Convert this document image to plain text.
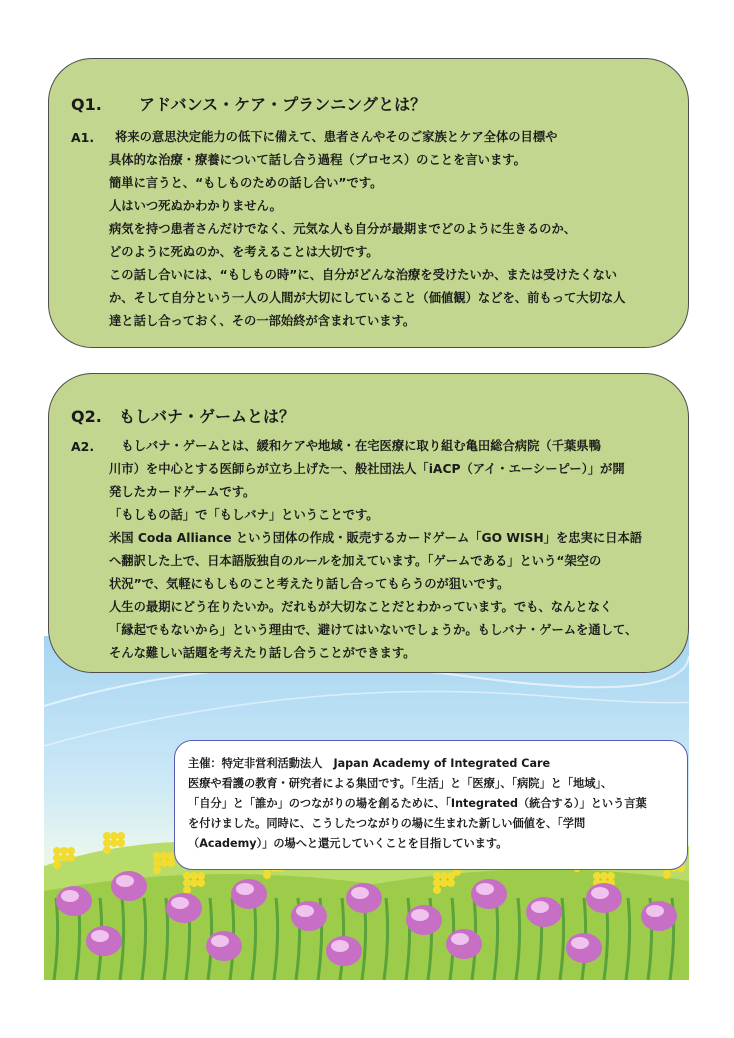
Q1. アドバンス・ケア・プランニングとは？
A1. 将来の意思決定能力の低下に備えて、患者さんやそのご家族とケア全体の目標や
具体的な治療・療養について話し合う過程（プロセス）のことを言います。
簡単に言うと、“もしものための話し合い”です。
人はいつ死ぬかわかりません。
病気を持つ患者さんだけでなく、元気な人も自分が最期までどのように生きるのか、
どのように死ぬのか、を考えることは大切です。
この話し合いには、“もしもの時”に、自分がどんな治療を受けたいか、または受けたくない
か、そして自分という一人の人間が大切にしていること（価値観）などを、前もって大切な人
達と話し合っておく、その一部始終が含まれています。
Q2. もしバナ・ゲームとは？
A2. 　もしバナ・ゲームとは、緩和ケアや地域・在宅医療に取り組む亀田総合病院（千葉県鴨
川市）を中心とする医師らが立ち上げた一、般社団法人「iACP（アイ・エーシーピー）」が開
発したカードゲームです。
「もしもの話」で「もしバナ」ということです。
米国 Coda Alliance という団体の作成・販売するカードゲーム「GO WISH」を忠実に日本語
へ翻訳した上で、日本語版独自のルールを加えています。「ゲームである」という“架空の
状況”で、気軽にもしものこと考えたり話し合ってもらうのが狙いです。
人生の最期にどう在りたいか。だれもが大切なことだとわかっています。でも、なんとなく
「縁起でもないから」という理由で、避けてはいないでしょうか。もしバナ・ゲームを通して、
そんな難しい話題を考えたり話し合うことができます。
主催：特定非営利活動法人　Japan Academy of Integrated Care
医療や看護の教育・研究者による集団です。「生活」と「医療」、「病院」と「地域」、
「自分」と「誰か」のつながりの場を創るために、「Integrated（統合する）」という言葉
を付けました。同時に、こうしたつながりの場に生まれた新しい価値を、「学問
（Academy）」の場へと還元していくことを目指しています。
